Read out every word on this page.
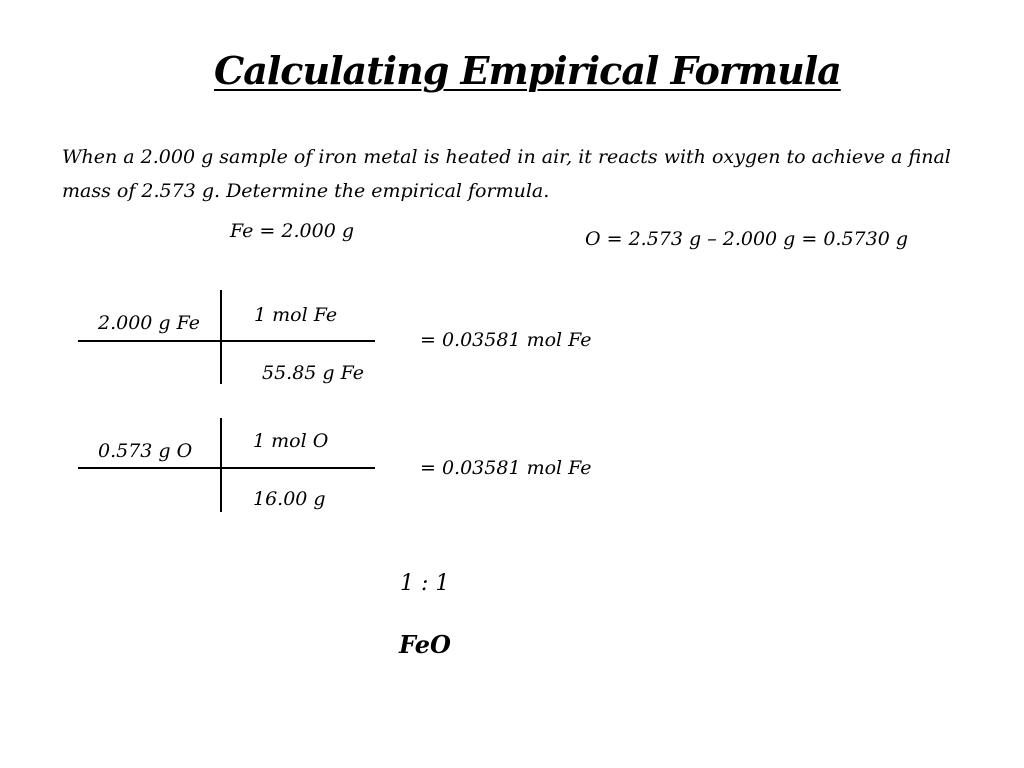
Calculating Empirical Formula
When a 2.000 g sample of iron metal is heated in air, it reacts with oxygen to achieve a final mass of 2.573 g. Determine the empirical formula.
Fe = 2.000 g	O = 2.573 g – 2.000 g = 0.5730 g
2.000 g Fe	1 mol Fe
55.85 g Fe
= 0.03581 mol Fe
0.573 g O	1 mol O
16.00 g
= 0.03581 mol Fe
1 : 1
FeO
